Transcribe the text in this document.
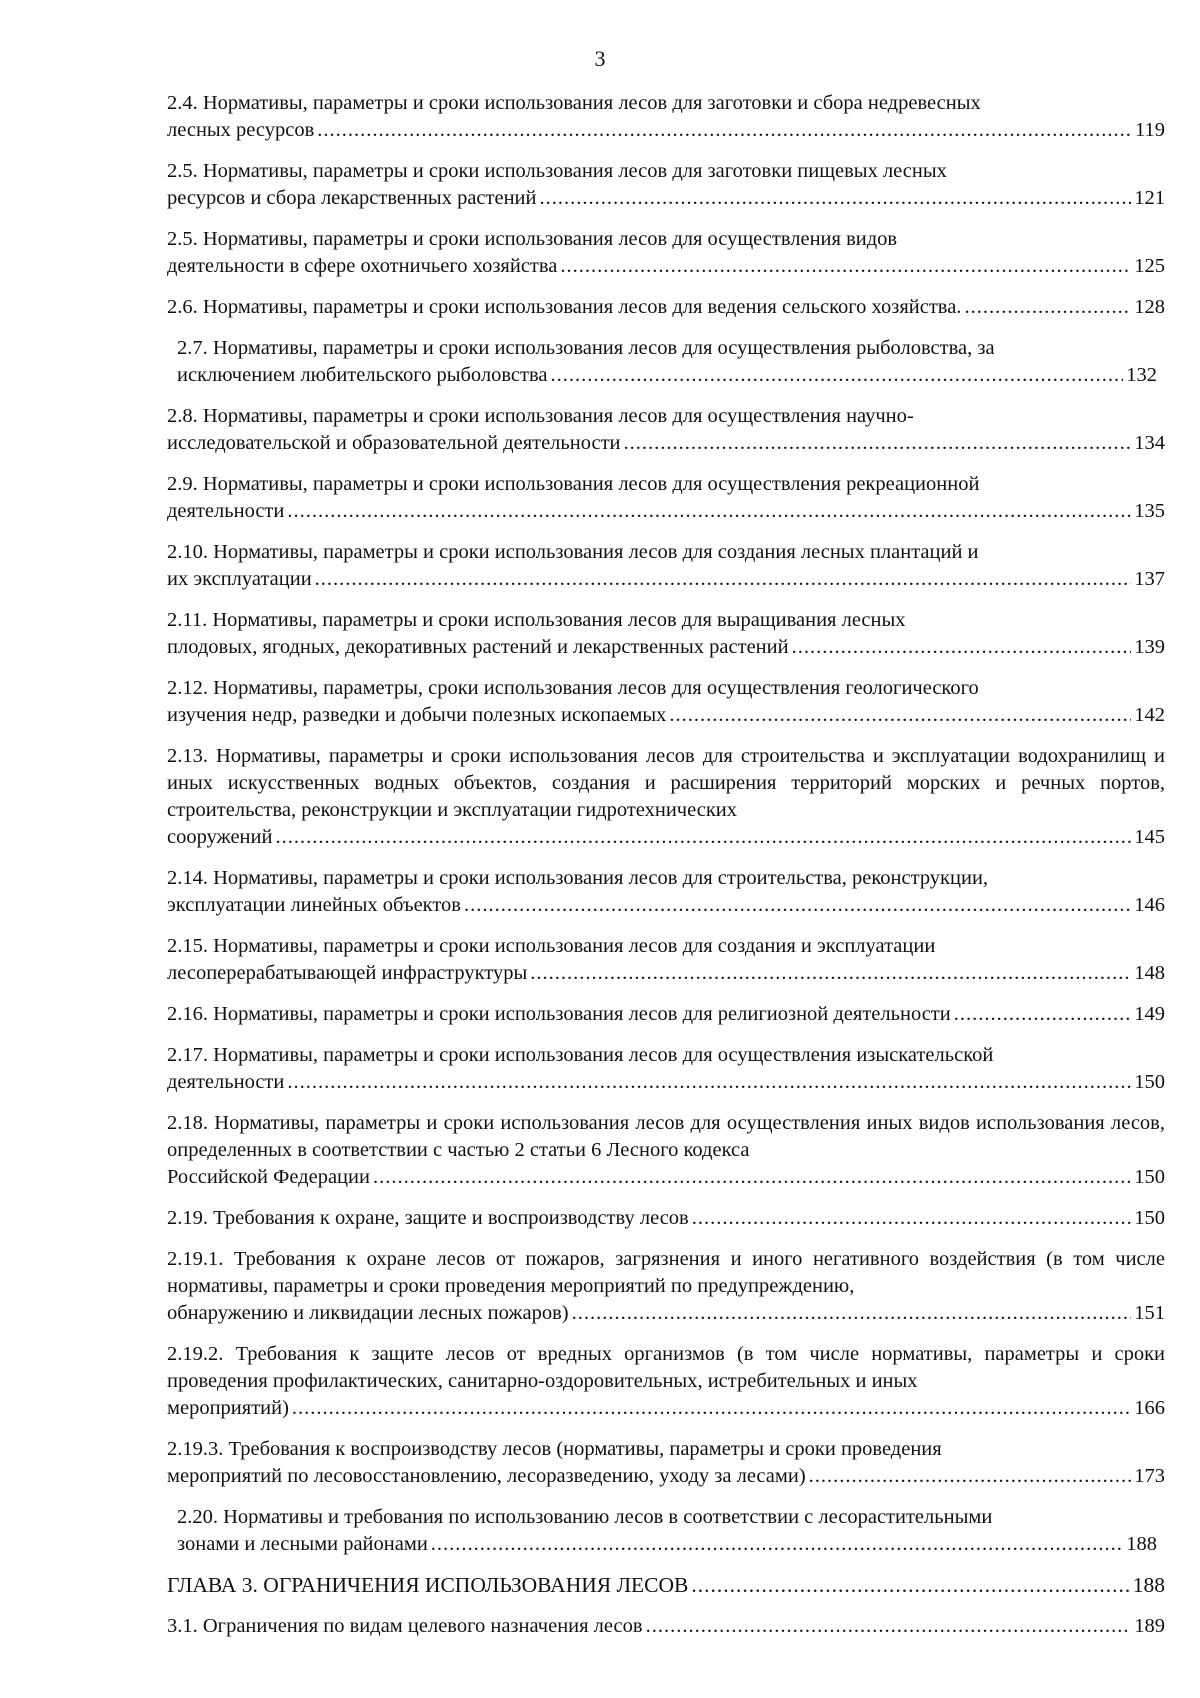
3
2.4. Нормативы, параметры и сроки использования лесов для заготовки и сбора недревесных
лесных ресурсов .....	119
2.5. Нормативы, параметры и сроки использования лесов для заготовки пищевых лесных
ресурсов и сбора лекарственных растений .....	121
2.5. Нормативы, параметры и сроки использования лесов для осуществления видов
деятельности в сфере охотничьего хозяйства .....	125
2.6. Нормативы, параметры и сроки использования лесов для ведения сельского хозяйства. .....	128
2.7. Нормативы, параметры и сроки использования лесов для осуществления рыболовства, за
исключением любительского рыболовства .....	132
2.8. Нормативы, параметры и сроки использования лесов для осуществления научно-
исследовательской и образовательной деятельности .....	134
2.9. Нормативы, параметры и сроки использования лесов для осуществления рекреационной
деятельности .....	135
2.10. Нормативы, параметры и сроки использования лесов для создания лесных плантаций и
их эксплуатации .....	137
2.11. Нормативы, параметры и сроки использования лесов для выращивания лесных
плодовых, ягодных, декоративных растений и лекарственных растений .....	139
2.12. Нормативы, параметры, сроки использования лесов для осуществления геологического
изучения недр, разведки и добычи полезных ископаемых .....	142
2.13. Нормативы, параметры и сроки использования лесов для строительства и эксплуатации водохранилищ и иных искусственных водных объектов, создания и расширения территорий морских и речных портов, строительства, реконструкции и эксплуатации гидротехнических
сооружений .....	145
2.14. Нормативы, параметры и сроки использования лесов для строительства, реконструкции,
эксплуатации линейных объектов .....	146
2.15. Нормативы, параметры и сроки использования лесов для создания и эксплуатации
лесоперерабатывающей инфраструктуры .....	148
2.16. Нормативы, параметры и сроки использования лесов для религиозной деятельности .....	149
2.17. Нормативы, параметры и сроки использования лесов для осуществления изыскательской
деятельности .....	150
2.18. Нормативы, параметры и сроки использования лесов для осуществления иных видов использования лесов, определенных в соответствии с частью 2 статьи 6 Лесного кодекса
Российской Федерации .....	150
2.19. Требования к охране, защите и воспроизводству лесов .....	150
2.19.1. Требования к охране лесов от пожаров, загрязнения и иного негативного воздействия (в том числе нормативы, параметры и сроки проведения мероприятий по предупреждению,
обнаружению и ликвидации лесных пожаров) .....	151
2.19.2. Требования к защите лесов от вредных организмов (в том числе нормативы, параметры и сроки проведения профилактических, санитарно-оздоровительных, истребительных и иных
мероприятий) .....	166
2.19.3. Требования к воспроизводству лесов (нормативы, параметры и сроки проведения
мероприятий по лесовосстановлению, лесоразведению, уходу за лесами) .....	173
2.20. Нормативы и требования по использованию лесов в соответствии с лесорастительными
зонами и лесными районами .....	188
ГЛАВА 3. ОГРАНИЧЕНИЯ ИСПОЛЬЗОВАНИЯ ЛЕСОВ .....	188
3.1. Ограничения по видам целевого назначения лесов .....	189
